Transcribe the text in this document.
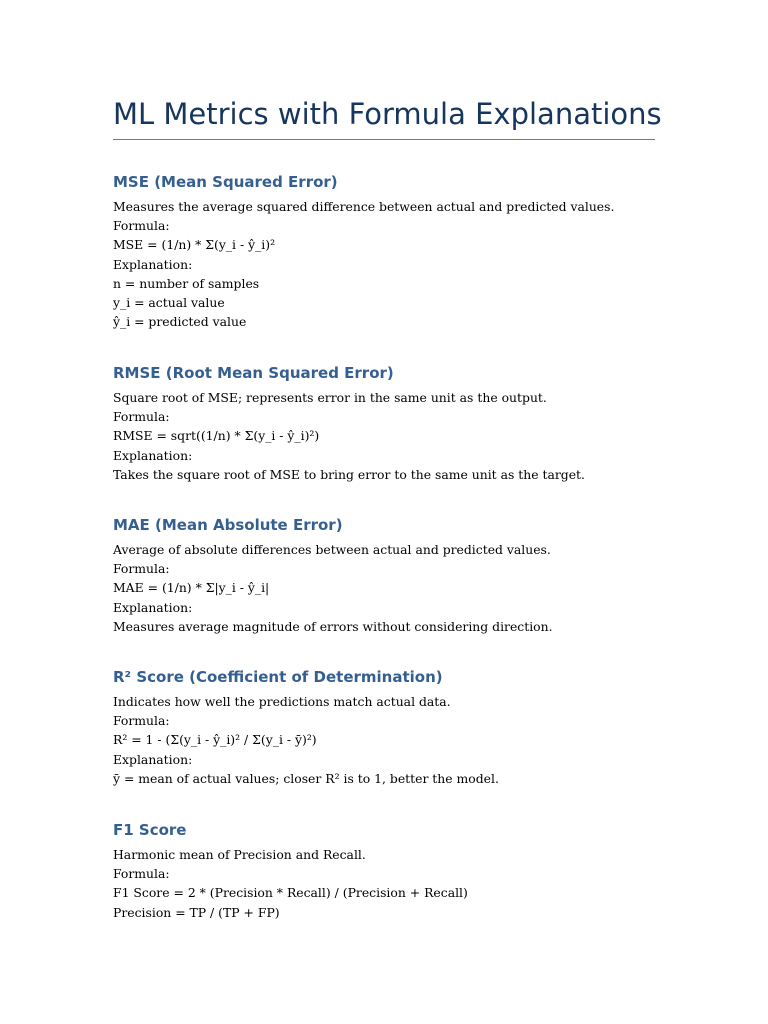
ML Metrics with Formula Explanations
MSE (Mean Squared Error)
Measures the average squared difference between actual and predicted values.
Formula:
MSE = (1/n) * Σ(y_i - ŷ_i)²
Explanation:
n = number of samples
y_i = actual value
ŷ_i = predicted value
RMSE (Root Mean Squared Error)
Square root of MSE; represents error in the same unit as the output.
Formula:
RMSE = sqrt((1/n) * Σ(y_i - ŷ_i)²)
Explanation:
Takes the square root of MSE to bring error to the same unit as the target.
MAE (Mean Absolute Error)
Average of absolute differences between actual and predicted values.
Formula:
MAE = (1/n) * Σ|y_i - ŷ_i|
Explanation:
Measures average magnitude of errors without considering direction.
R² Score (Coefficient of Determination)
Indicates how well the predictions match actual data.
Formula:
R² = 1 - (Σ(y_i - ŷ_i)² / Σ(y_i - ȳ)²)
Explanation:
ȳ = mean of actual values; closer R² is to 1, better the model.
F1 Score
Harmonic mean of Precision and Recall.
Formula:
F1 Score = 2 * (Precision * Recall) / (Precision + Recall)
Precision = TP / (TP + FP)
